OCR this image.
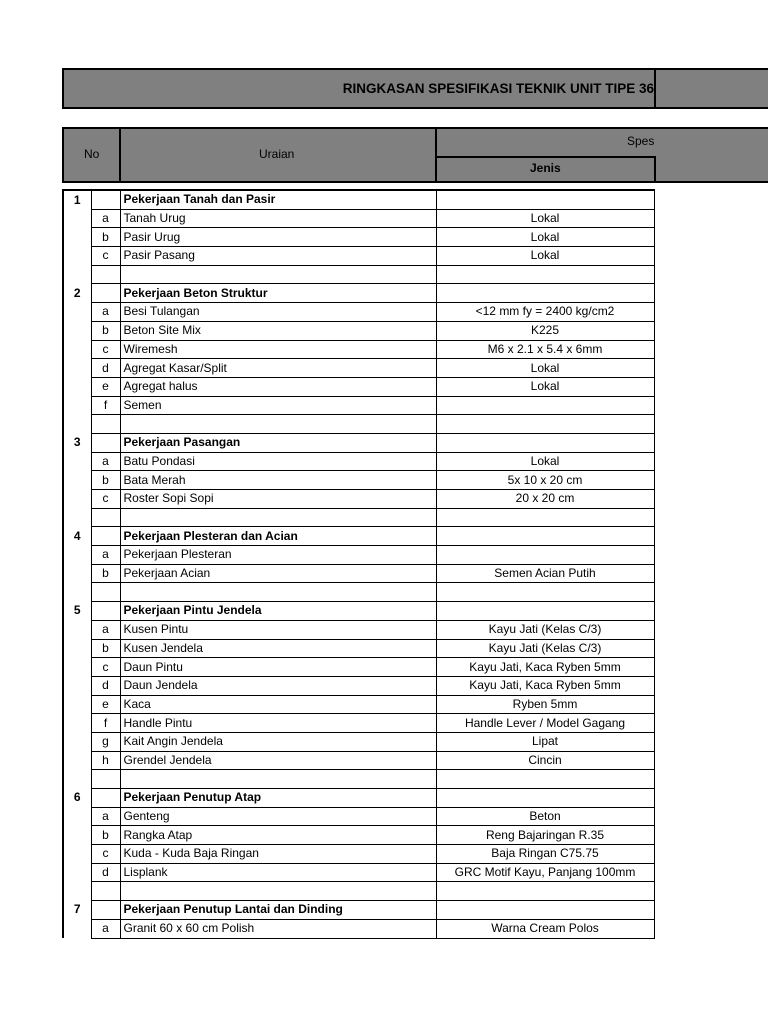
RINGKASAN SPESIFIKASI TEKNIK UNIT TIPE 36
No	Uraian
Spes
Jenis
1		Pekerjaan Tanah dan Pasir	
	a	Tanah Urug	Lokal
	b	Pasir Urug	Lokal
	c	Pasir Pasang	Lokal

2		Pekerjaan Beton Struktur	
	a	Besi Tulangan	<12 mm fy = 2400 kg/cm2
	b	Beton Site Mix	K225
	c	Wiremesh	M6 x 2.1 x 5.4 x 6mm
	d	Agregat Kasar/Split	Lokal
	e	Agregat halus	Lokal
	f	Semen	

3		Pekerjaan Pasangan	
	a	Batu Pondasi	Lokal
	b	Bata Merah	5x 10 x 20 cm
	c	Roster Sopi Sopi	20 x 20 cm

4		Pekerjaan Plesteran dan Acian	
	a	Pekerjaan Plesteran	
	b	Pekerjaan Acian	Semen Acian Putih

5		Pekerjaan Pintu Jendela	
	a	Kusen Pintu	Kayu Jati (Kelas C/3)
	b	Kusen Jendela	Kayu Jati (Kelas C/3)
	c	Daun Pintu	Kayu Jati, Kaca Ryben 5mm
	d	Daun Jendela	Kayu Jati, Kaca Ryben 5mm
	e	Kaca	Ryben 5mm
	f	Handle Pintu	Handle Lever / Model Gagang
	g	Kait Angin Jendela	Lipat
	h	Grendel Jendela	Cincin

6		Pekerjaan Penutup Atap	
	a	Genteng	Beton
	b	Rangka Atap	Reng Bajaringan R.35
	c	Kuda - Kuda Baja Ringan	Baja Ringan C75.75
	d	Lisplank	GRC Motif Kayu, Panjang 100mm

7		Pekerjaan Penutup Lantai dan Dinding	
	a	Granit 60 x 60 cm Polish	Warna Cream Polos
